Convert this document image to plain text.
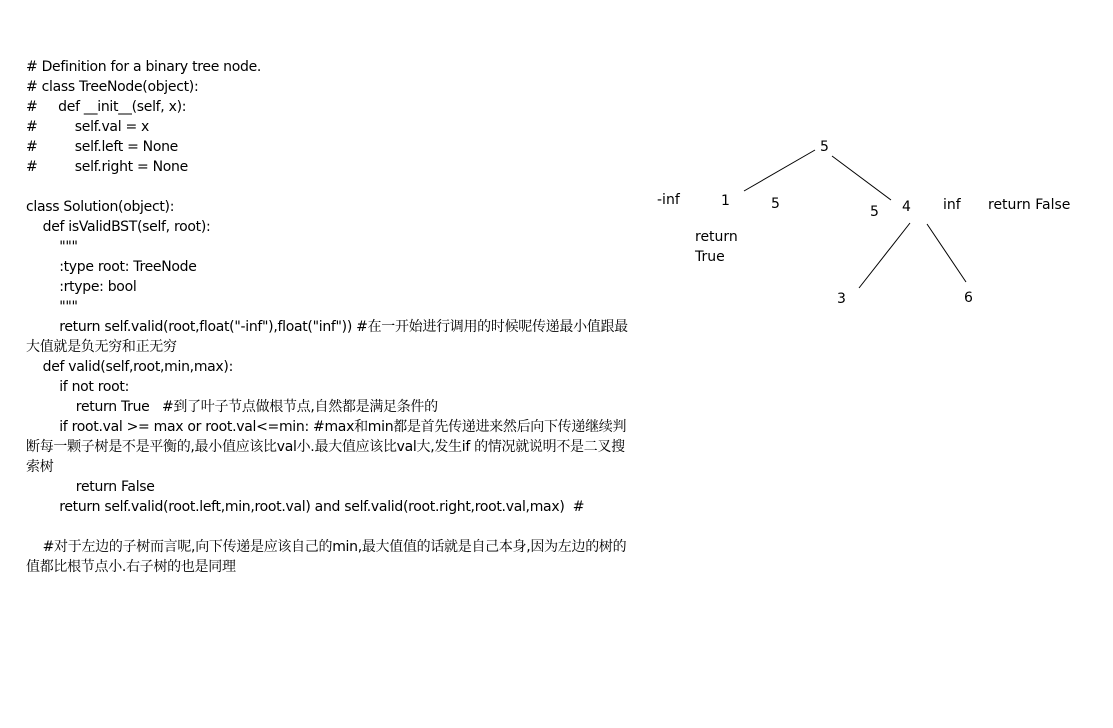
# Definition for a binary tree node.
# class TreeNode(object):
#     def __init__(self, x):
#         self.val = x
#         self.left = None
#         self.right = None
class Solution(object):
def isValidBST(self, root):
"""
:type root: TreeNode
:rtype: bool
"""
return self.valid(root,float("-inf"),float("inf")) #在一开始进行调用的时候呢传递最小值跟最大值就是负无穷和正无穷
def valid(self,root,min,max):
if not root:
return True   #到了叶子节点做根节点,自然都是满足条件的
if root.val >= max or root.val<=min: #max和min都是首先传递进来然后向下传递继续判断每一颗子树是不是平衡的,最小值应该比val小.最大值应该比val大,发生if 的情况就说明不是二叉搜索树
return False
return self.valid(root.left,min,root.val) and self.valid(root.right,root.val,max)  #
#对于左边的子树而言呢,向下传递是应该自己的min,最大值值的话就是自己本身,因为左边的树的值都比根节点小.右子树的也是同理
5
1	4
3	6
-inf	5
return
True
5	inf return False
